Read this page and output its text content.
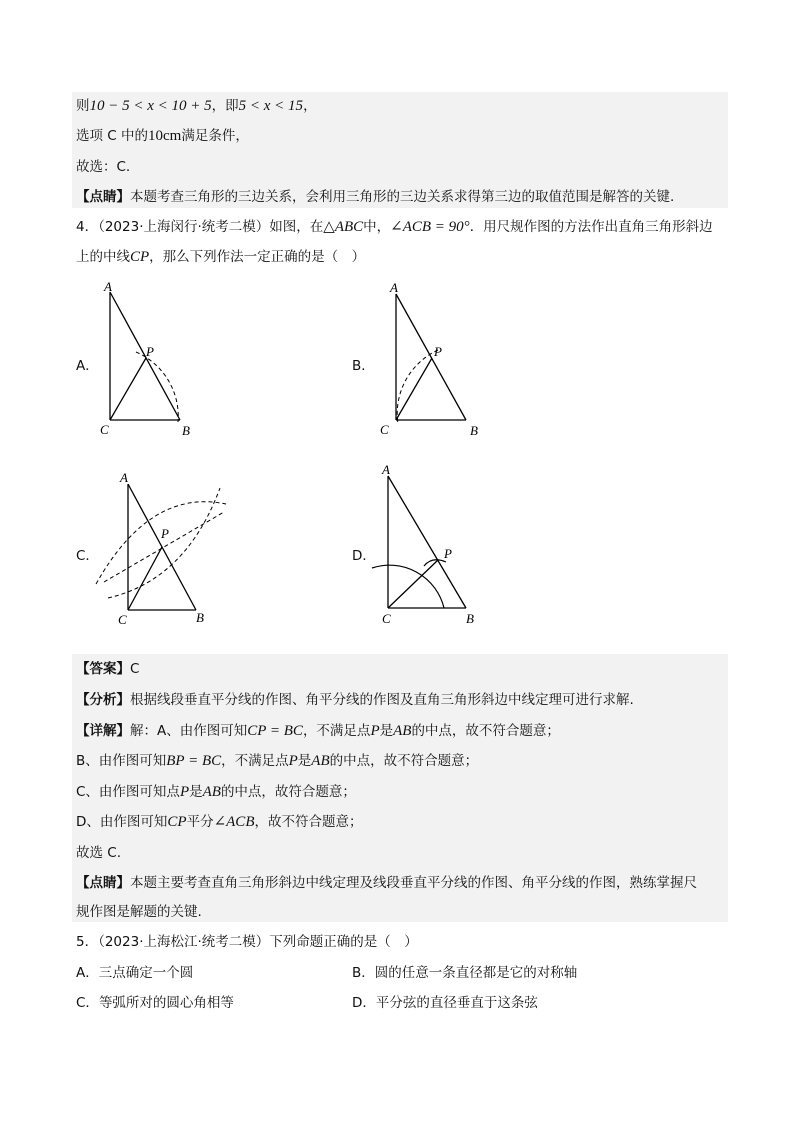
则10 − 5 < x < 10 + 5，即5 < x < 15，
选项 C 中的10cm满足条件，
故选：C.
【点睛】本题考查三角形的三边关系，会利用三角形的三边关系求得第三边的取值范围是解答的关键.
4．（2023·上海闵行·统考二模）如图，在△ABC中，∠ACB = 90°．用尺规作图的方法作出直角三角形斜边
上的中线CP，那么下列作法一定正确的是（　）
A．	B．
C．	D．
A
P
C	B
A
P
C	B
A
P
C	B
A
P
C	B
【答案】C
【分析】根据线段垂直平分线的作图、角平分线的作图及直角三角形斜边中线定理可进行求解.
【详解】解：A、由作图可知CP = BC，不满足点P是AB的中点，故不符合题意；
B、由作图可知BP = BC，不满足点P是AB的中点，故不符合题意；
C、由作图可知点P是AB的中点，故符合题意；
D、由作图可知CP平分∠ACB，故不符合题意；
故选 C.
【点睛】本题主要考查直角三角形斜边中线定理及线段垂直平分线的作图、角平分线的作图，熟练掌握尺
规作图是解题的关键.
5．（2023·上海松江·统考二模）下列命题正确的是（　）
A．三点确定一个圆	B．圆的任意一条直径都是它的对称轴
C．等弧所对的圆心角相等	D．平分弦的直径垂直于这条弦
